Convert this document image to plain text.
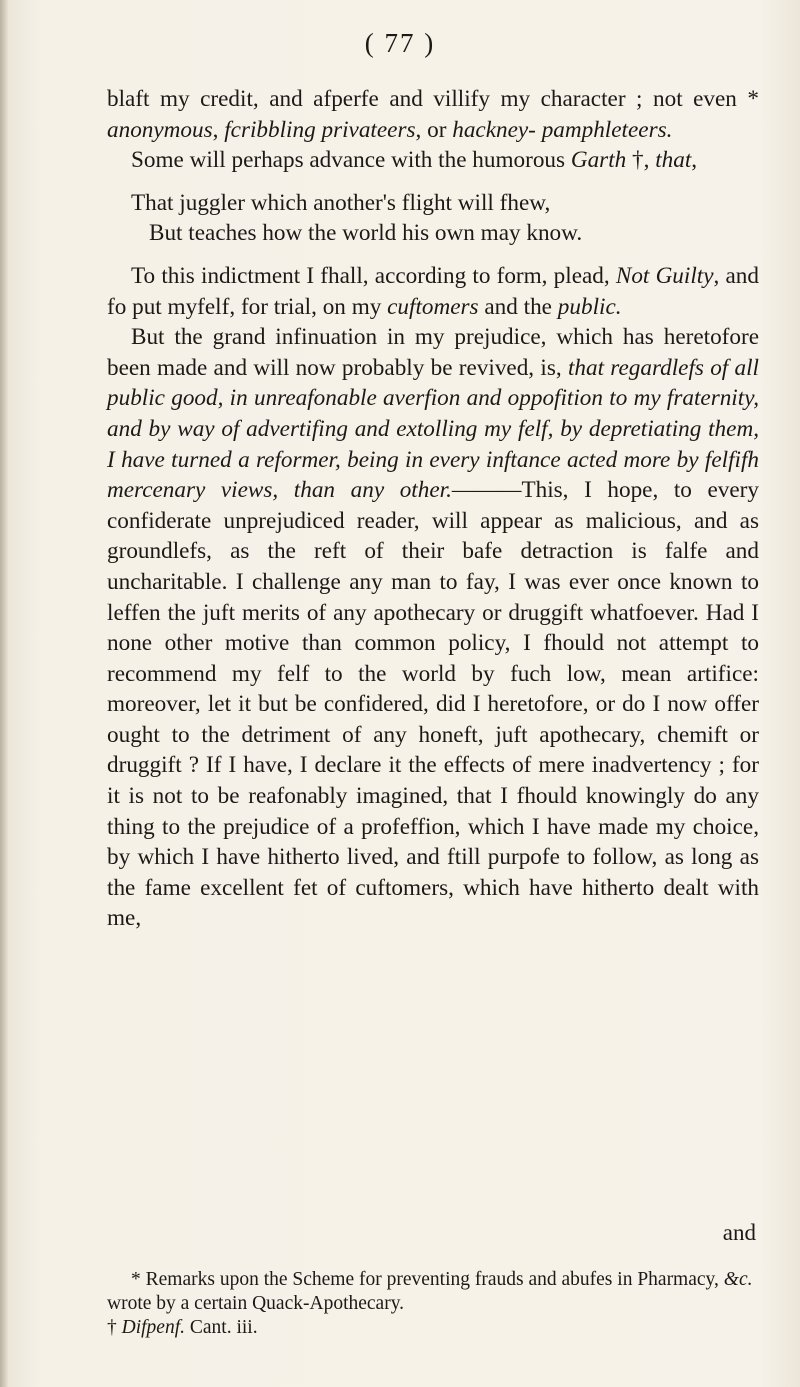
( 77 )

blaft my credit, and afperfe and villify my character ; not even * anonymous, fcribbling privateers, or hackney- pamphleteers.

Some will perhaps advance with the humorous Garth †, that,

That juggler which another's flight will fhew,
But teaches how the world his own may know.

To this indictment I fhall, according to form, plead, Not Guilty, and fo put myfelf, for trial, on my cuftomers and the public.

But the grand infinuation in my prejudice, which has heretofore been made and will now probably be revived, is, that regardlefs of all public good, in unreafonable averfion and oppofition to my fraternity, and by way of advertifing and extolling my felf, by depretiating them, I have turned a reformer, being in every inftance acted more by felfifh mercenary views, than any other.———This, I hope, to every confiderate unprejudiced reader, will appear as malicious, and as groundlefs, as the reft of their bafe detraction is falfe and uncharitable. I challenge any man to fay, I was ever once known to leffen the juft merits of any apothecary or druggift whatfoever. Had I none other motive than common policy, I fhould not attempt to recommend my felf to the world by fuch low, mean artifice: moreover, let it but be confidered, did I heretofore, or do I now offer ought to the detriment of any honeft, juft apothecary, chemift or druggift ? If I have, I declare it the effects of mere inadvertency ; for it is not to be reafonably imagined, that I fhould knowingly do any thing to the prejudice of a profeffion, which I have made my choice, by which I have hitherto lived, and ftill purpofe to follow, as long as the fame excellent fet of cuftomers, which have hitherto dealt with me,

and
* Remarks upon the Scheme for preventing frauds and abufes in Pharmacy, &c. wrote by a certain Quack-Apothecary.
† Difpenf. Cant. iii.
